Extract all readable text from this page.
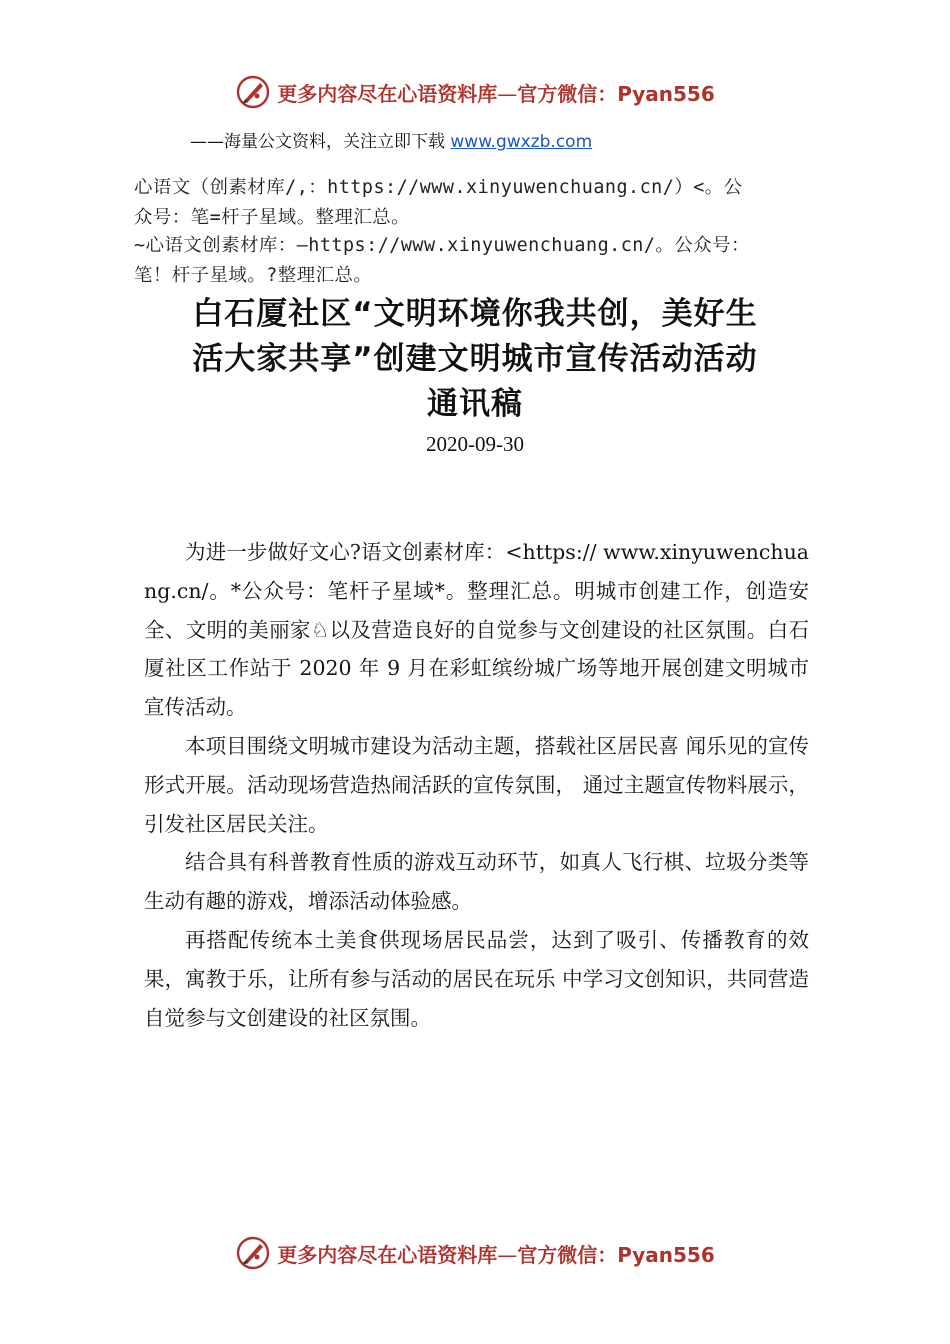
更多内容尽在心语资料库—官方微信：Pyan556
——海量公文资料，关注立即下载 www.gwxzb.com
心语文（创素材库/,：https://www.xinyuwenchuang.cn/）<。公
众号：笔=杆子星域。整理汇总。
~心语文创素材库：—https://www.xinyuwenchuang.cn/。公众号：
笔！杆子星域。?整理汇总。
白石厦社区“文明环境你我共创，美好生
活大家共享”创建文明城市宣传活动活动
通讯稿
2020-09-30

为进一步做好文心?语文创素材库：<https:// www.xinyuwenchuang.cn/。*公众号：笔杆子星域*。整理汇总。明城市创建工作，创造安全、文明的美丽家♘以及营造良好的自觉参与文创建设的社区氛围。白石厦社区工作站于 2020 年 9 月在彩虹缤纷城广场等地开展创建文明城市宣传活动。

本项目围绕文明城市建设为活动主题，搭载社区居民喜 闻乐见的宣传形式开展。活动现场营造热闹活跃的宣传氛围， 通过主题宣传物料展示，引发社区居民关注。

结合具有科普教育性质的游戏互动环节，如真人飞行棋、垃圾分类等生动有趣的游戏，增添活动体验感。

再搭配传统本土美食供现场居民品尝，达到了吸引、传播教育的效果，寓教于乐，让所有参与活动的居民在玩乐 中学习文创知识，共同营造自觉参与文创建设的社区氛围。

更多内容尽在心语资料库—官方微信：Pyan556
